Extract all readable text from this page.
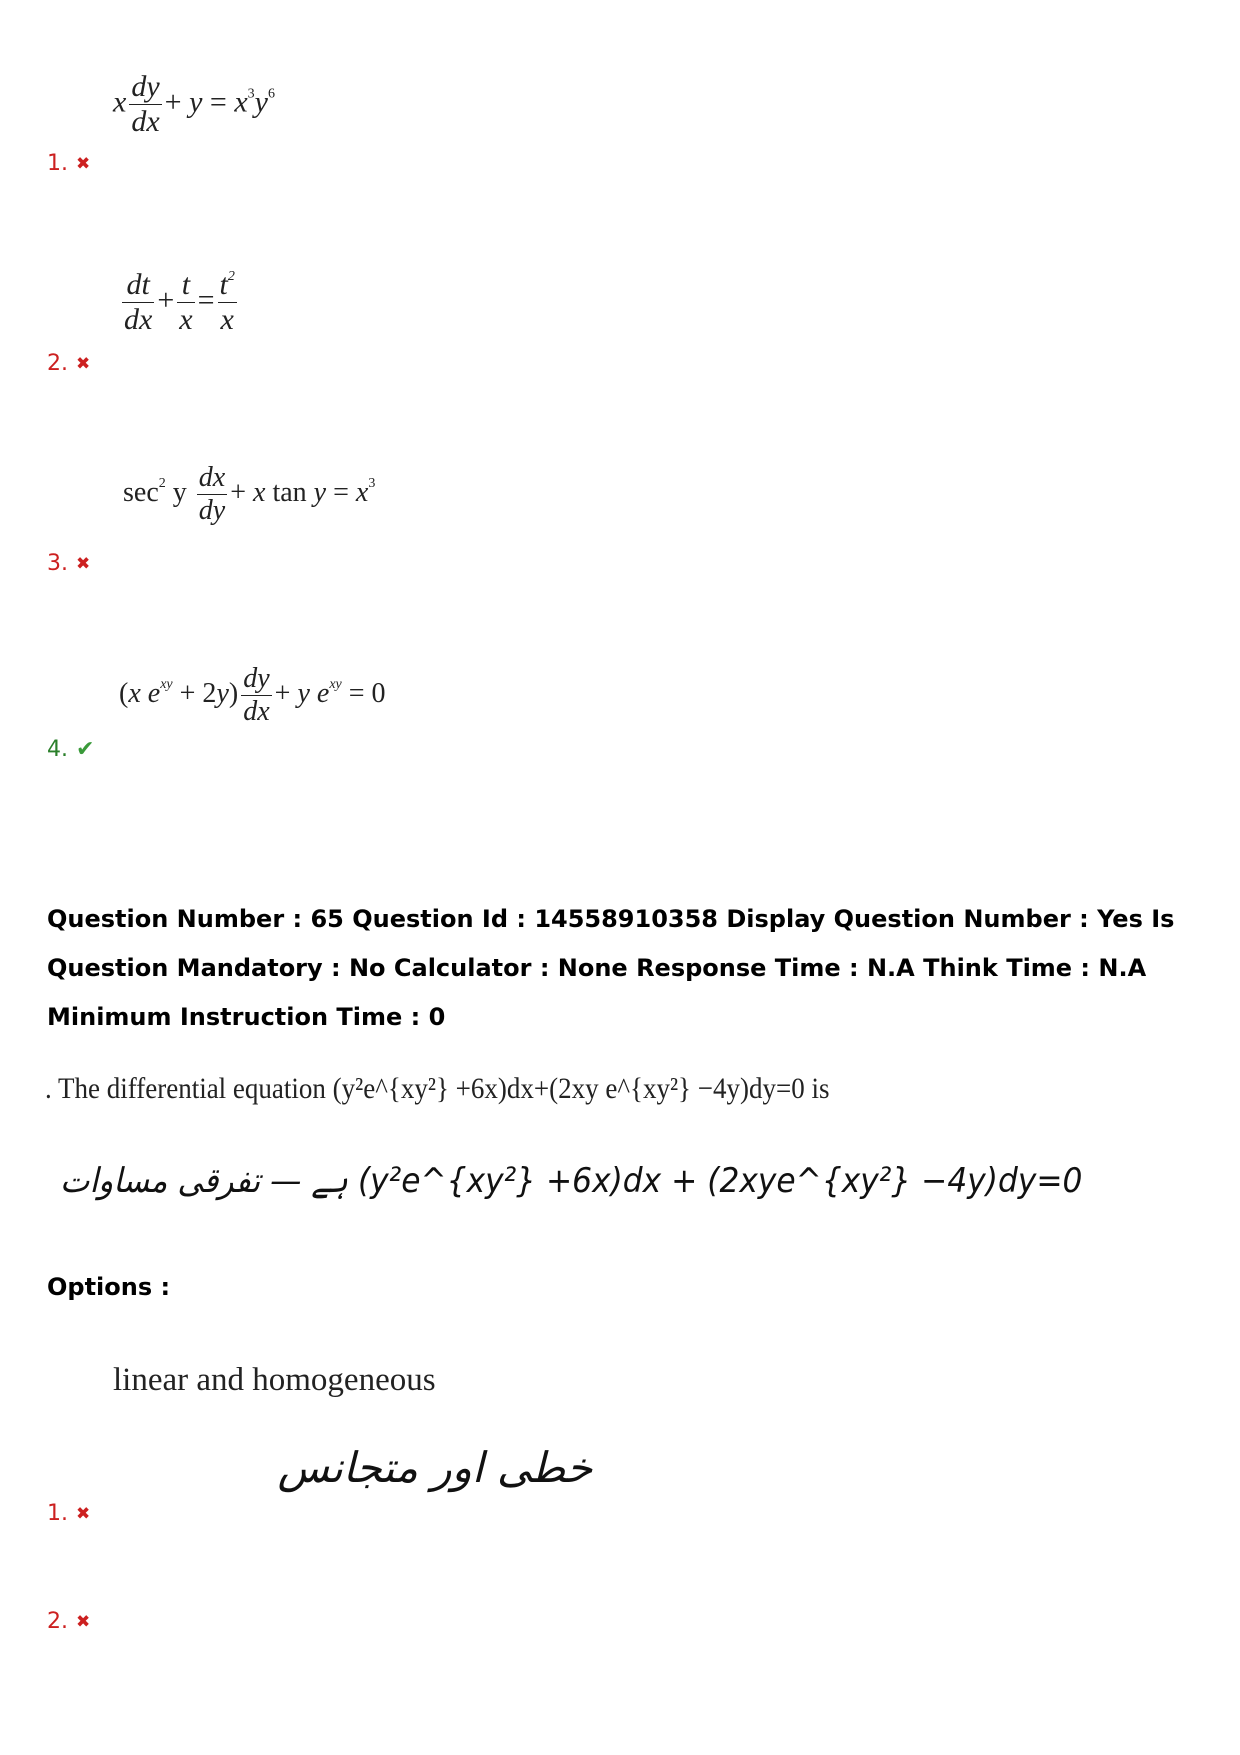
x $\frac{dy}{dx} + y = x^3y^6$
1. ✖
$\frac{dt}{dx} + \frac{t}{x} = \frac{t^2}{x}$
2. ✖
$\sec^2 y \frac{dx}{dy} + x$ $\tan y = x^3$
3. ✖
(x $e^{xy} + 2y) \frac{dy}{dx} + y$ $e^{xy} = 0$
4. ✔
Question Number : 65 Question Id : 14558910358 Display Question Number : Yes Is Question Mandatory : No Calculator : None Response Time : N.A Think Time : N.A Minimum Instruction Time : 0
. The differential equation (y²e^{xy²} +6x)dx+(2xy e^{xy²} −4y)dy=0 is
ہے — تفرقی مساوات (y²e^{xy²} +6x)dx + (2xye^{xy²} −4y)dy=0
Options :
linear and homogeneous
خطی اور متجانس
1. ✖
2. ✖
